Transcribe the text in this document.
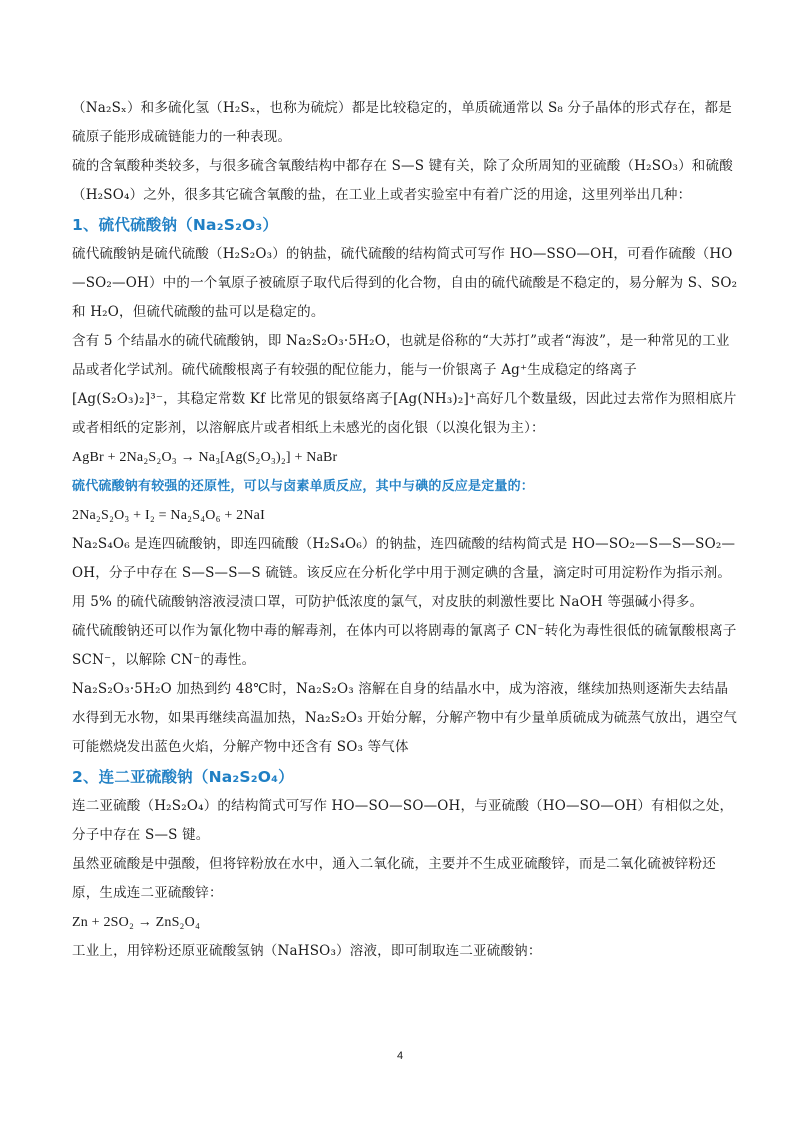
（Na₂Sₓ）和多硫化氢（H₂Sₓ，也称为硫烷）都是比较稳定的，单质硫通常以 S₈ 分子晶体的形式存在，都是硫原子能形成硫链能力的一种表现。

硫的含氧酸种类较多，与很多硫含氧酸结构中都存在 S—S 键有关，除了众所周知的亚硫酸（H₂SO₃）和硫酸（H₂SO₄）之外，很多其它硫含氧酸的盐，在工业上或者实验室中有着广泛的用途，这里列举出几种：

1、硫代硫酸钠（Na₂S₂O₃）

硫代硫酸钠是硫代硫酸（H₂S₂O₃）的钠盐，硫代硫酸的结构简式可写作 HO—SSO—OH，可看作硫酸（HO—SO₂—OH）中的一个氧原子被硫原子取代后得到的化合物，自由的硫代硫酸是不稳定的，易分解为 S、SO₂ 和 H₂O，但硫代硫酸的盐可以是稳定的。

含有 5 个结晶水的硫代硫酸钠，即 Na₂S₂O₃·5H₂O，也就是俗称的“大苏打”或者“海波”，是一种常见的工业品或者化学试剂。硫代硫酸根离子有较强的配位能力，能与一价银离子 Ag⁺生成稳定的络离子 [Ag(S₂O₃)₂]³⁻，其稳定常数 Kf 比常见的银氨络离子[Ag(NH₃)₂]⁺高好几个数量级，因此过去常作为照相底片或者相纸的定影剂，以溶解底片或者相纸上未感光的卤化银（以溴化银为主）：

AgBr + 2Na₂S₂O₃ → Na₃[Ag(S₂O₃)₂] + NaBr

硫代硫酸钠有较强的还原性，可以与卤素单质反应，其中与碘的反应是定量的：

2Na₂S₂O₃ + I₂ = Na₂S₄O₆ + 2NaI

Na₂S₄O₆ 是连四硫酸钠，即连四硫酸（H₂S₄O₆）的钠盐，连四硫酸的结构简式是 HO—SO₂—S—S—SO₂—OH，分子中存在 S—S—S—S 硫链。该反应在分析化学中用于测定碘的含量，滴定时可用淀粉作为指示剂。

用 5% 的硫代硫酸钠溶液浸渍口罩，可防护低浓度的氯气，对皮肤的刺激性要比 NaOH 等强碱小得多。

硫代硫酸钠还可以作为氰化物中毒的解毒剂，在体内可以将剧毒的氰离子 CN⁻转化为毒性很低的硫氰酸根离子 SCN⁻，以解除 CN⁻的毒性。

Na₂S₂O₃·5H₂O 加热到约 48℃时，Na₂S₂O₃ 溶解在自身的结晶水中，成为溶液，继续加热则逐渐失去结晶水得到无水物，如果再继续高温加热，Na₂S₂O₃ 开始分解，分解产物中有少量单质硫成为硫蒸气放出，遇空气可能燃烧发出蓝色火焰，分解产物中还含有 SO₃ 等气体

2、连二亚硫酸钠（Na₂S₂O₄）

连二亚硫酸（H₂S₂O₄）的结构简式可写作 HO—SO—SO—OH，与亚硫酸（HO—SO—OH）有相似之处，分子中存在 S—S 键。

虽然亚硫酸是中强酸，但将锌粉放在水中，通入二氧化硫，主要并不生成亚硫酸锌，而是二氧化硫被锌粉还原，生成连二亚硫酸锌：

Zn + 2SO₂ → ZnS₂O₄

工业上，用锌粉还原亚硫酸氢钠（NaHSO₃）溶液，即可制取连二亚硫酸钠：

4
